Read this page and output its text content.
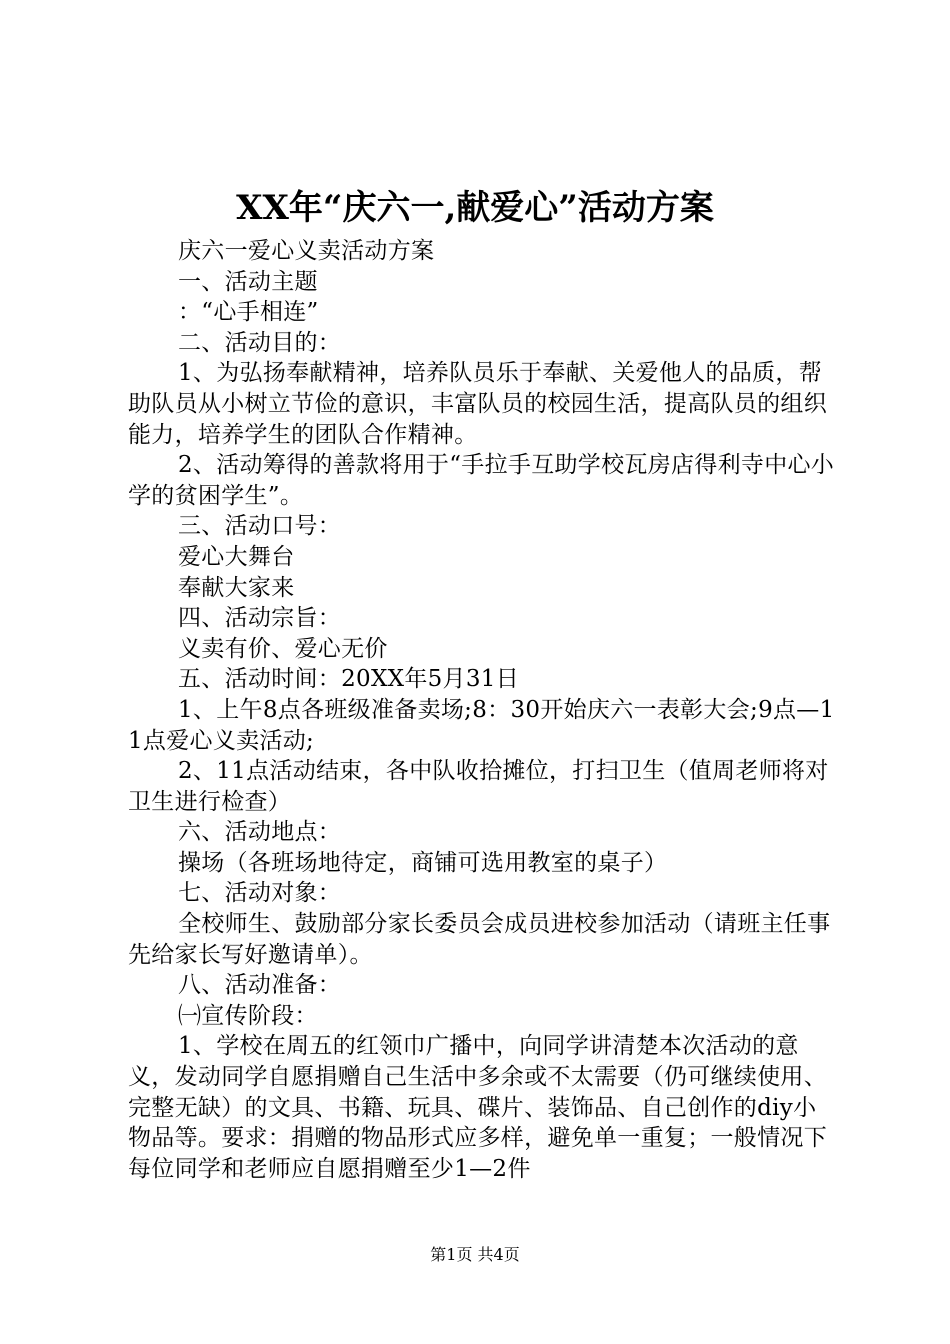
XX年“庆六一,献爱心”活动方案

庆六一爱心义卖活动方案

一、活动主题

：“心手相连”

二、活动目的：

1、为弘扬奉献精神，培养队员乐于奉献、关爱他人的品质，帮助队员从小树立节俭的意识，丰富队员的校园生活，提高队员的组织能力，培养学生的团队合作精神。

2、活动筹得的善款将用于“手拉手互助学校瓦房店得利寺中心小学的贫困学生”。

三、活动口号：

爱心大舞台

奉献大家来

四、活动宗旨：

义卖有价、爱心无价

五、活动时间：20XX年5月31日

1、上午8点各班级准备卖场;8：30开始庆六一表彰大会;9点—11点爱心义卖活动;

2、11点活动结束，各中队收拾摊位，打扫卫生（值周老师将对卫生进行检查）

六、活动地点：

操场（各班场地待定，商铺可选用教室的桌子）

七、活动对象：

全校师生、鼓励部分家长委员会成员进校参加活动（请班主任事先给家长写好邀请单）。

八、活动准备：

㈠宣传阶段：

1、学校在周五的红领巾广播中，向同学讲清楚本次活动的意义，发动同学自愿捐赠自己生活中多余或不太需要（仍可继续使用、完整无缺）的文具、书籍、玩具、碟片、装饰品、自己创作的diy小物品等。要求：捐赠的物品形式应多样，避免单一重复；一般情况下每位同学和老师应自愿捐赠至少1—2件

第1页 共4页
